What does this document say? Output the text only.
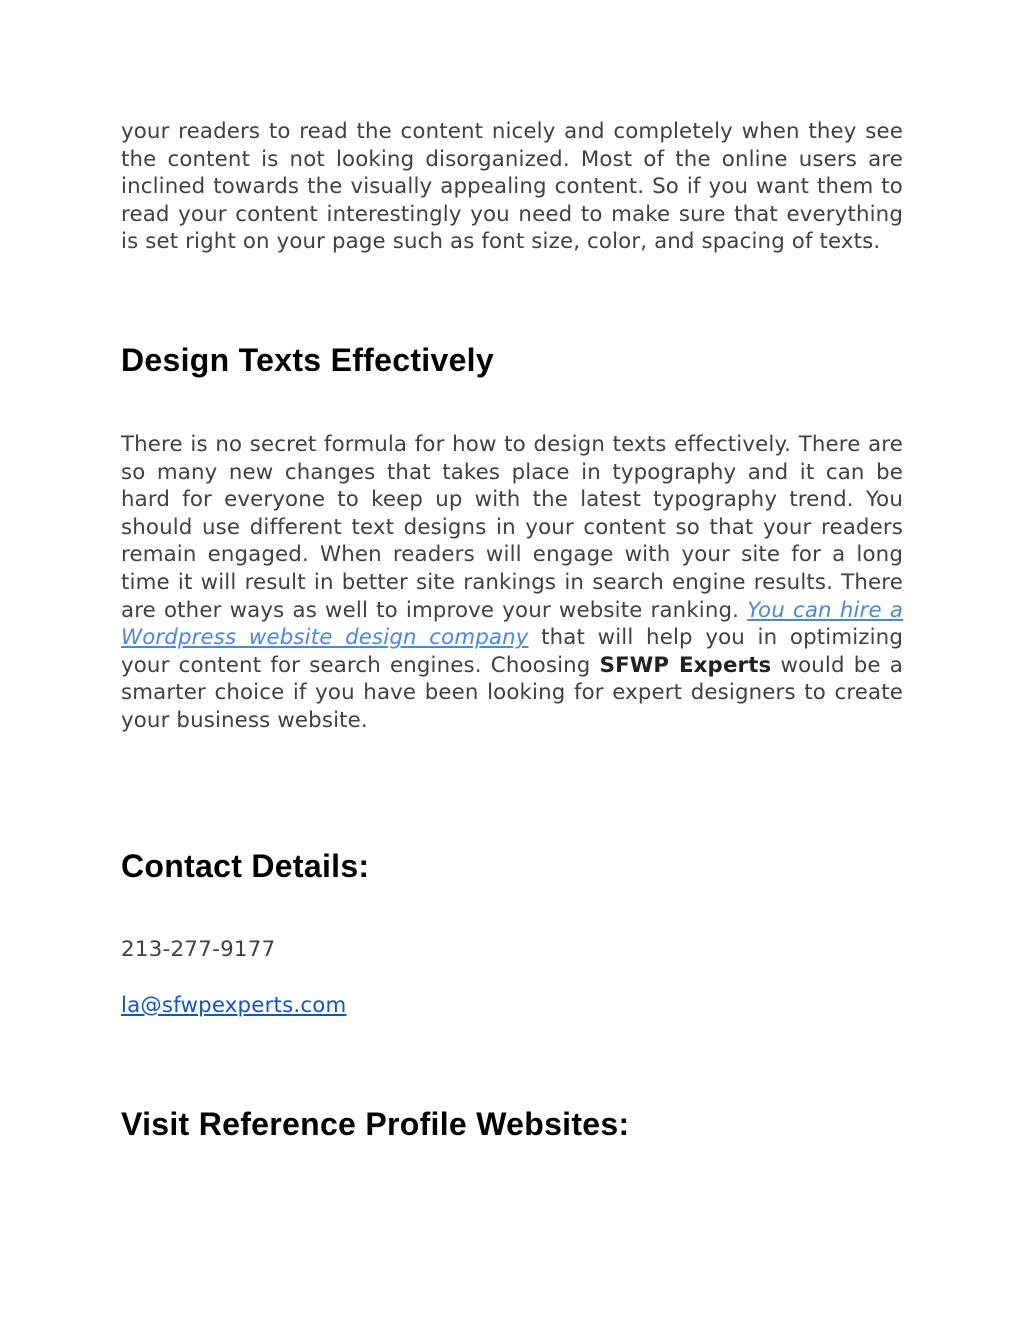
your readers to read the content nicely and completely when they see the content is not looking disorganized. Most of the online users are inclined towards the visually appealing content. So if you want them to read your content interestingly you need to make sure that everything is set right on your page such as font size, color, and spacing of texts.

Design Texts Effectively

There is no secret formula for how to design texts effectively. There are so many new changes that takes place in typography and it can be hard for everyone to keep up with the latest typography trend. You should use different text designs in your content so that your readers remain engaged. When readers will engage with your site for a long time it will result in better site rankings in search engine results. There are other ways as well to improve your website ranking. You can hire a Wordpress website design company that will help you in optimizing your content for search engines. Choosing SFWP Experts would be a smarter choice if you have been looking for expert designers to create your business website.

Contact Details:
213-277-9177
la@sfwpexperts.com
Visit Reference Profile Websites:
